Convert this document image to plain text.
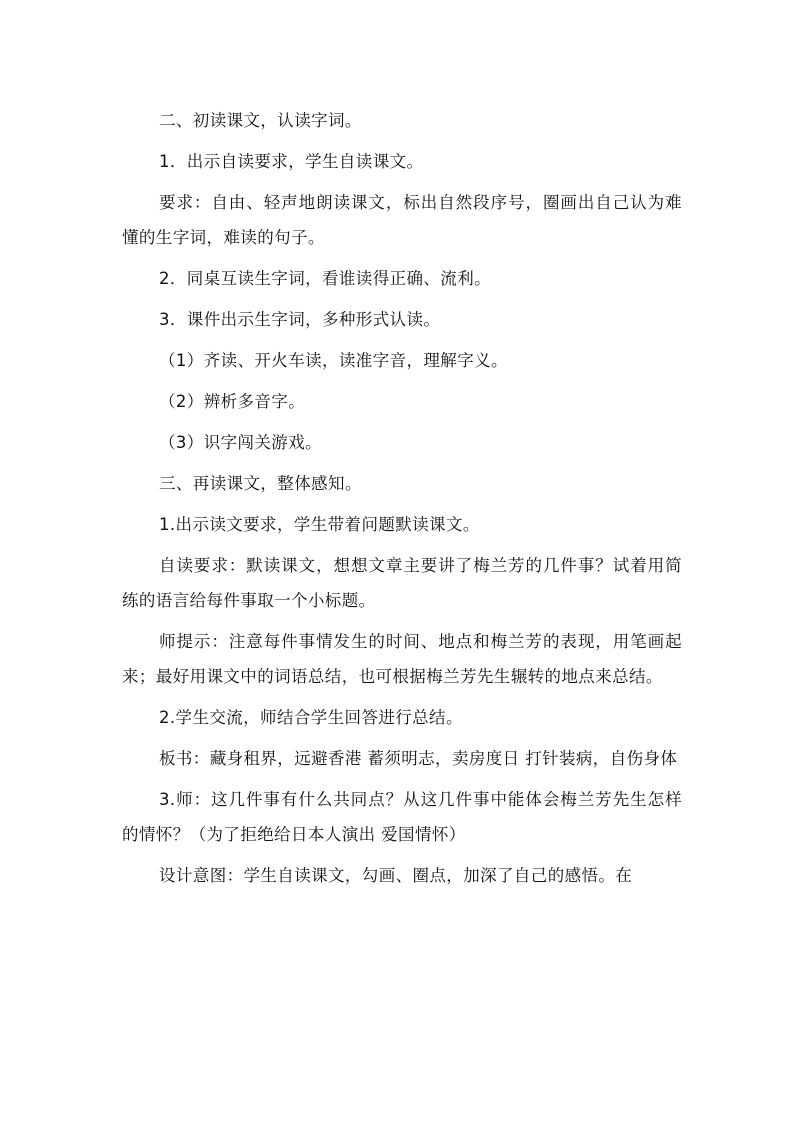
二、初读课文，认读字词。

1．出示自读要求，学生自读课文。

要求：自由、轻声地朗读课文，标出自然段序号，圈画出自己认为难懂的生字词，难读的句子。

2．同桌互读生字词，看谁读得正确、流利。

3．课件出示生字词，多种形式认读。

（1）齐读、开火车读，读准字音，理解字义。

（2）辨析多音字。

（3）识字闯关游戏。

三、再读课文，整体感知。

1.出示读文要求，学生带着问题默读课文。

自读要求：默读课文，想想文章主要讲了梅兰芳的几件事？试着用简练的语言给每件事取一个小标题。

师提示：注意每件事情发生的时间、地点和梅兰芳的表现，用笔画起来；最好用课文中的词语总结，也可根据梅兰芳先生辗转的地点来总结。

2.学生交流，师结合学生回答进行总结。

板书：藏身租界，远避香港 蓄须明志，卖房度日 打针装病，自伤身体

3.师：这几件事有什么共同点？从这几件事中能体会梅兰芳先生怎样的情怀？（为了拒绝给日本人演出 爱国情怀）

设计意图：学生自读课文，勾画、圈点，加深了自己的感悟。在
